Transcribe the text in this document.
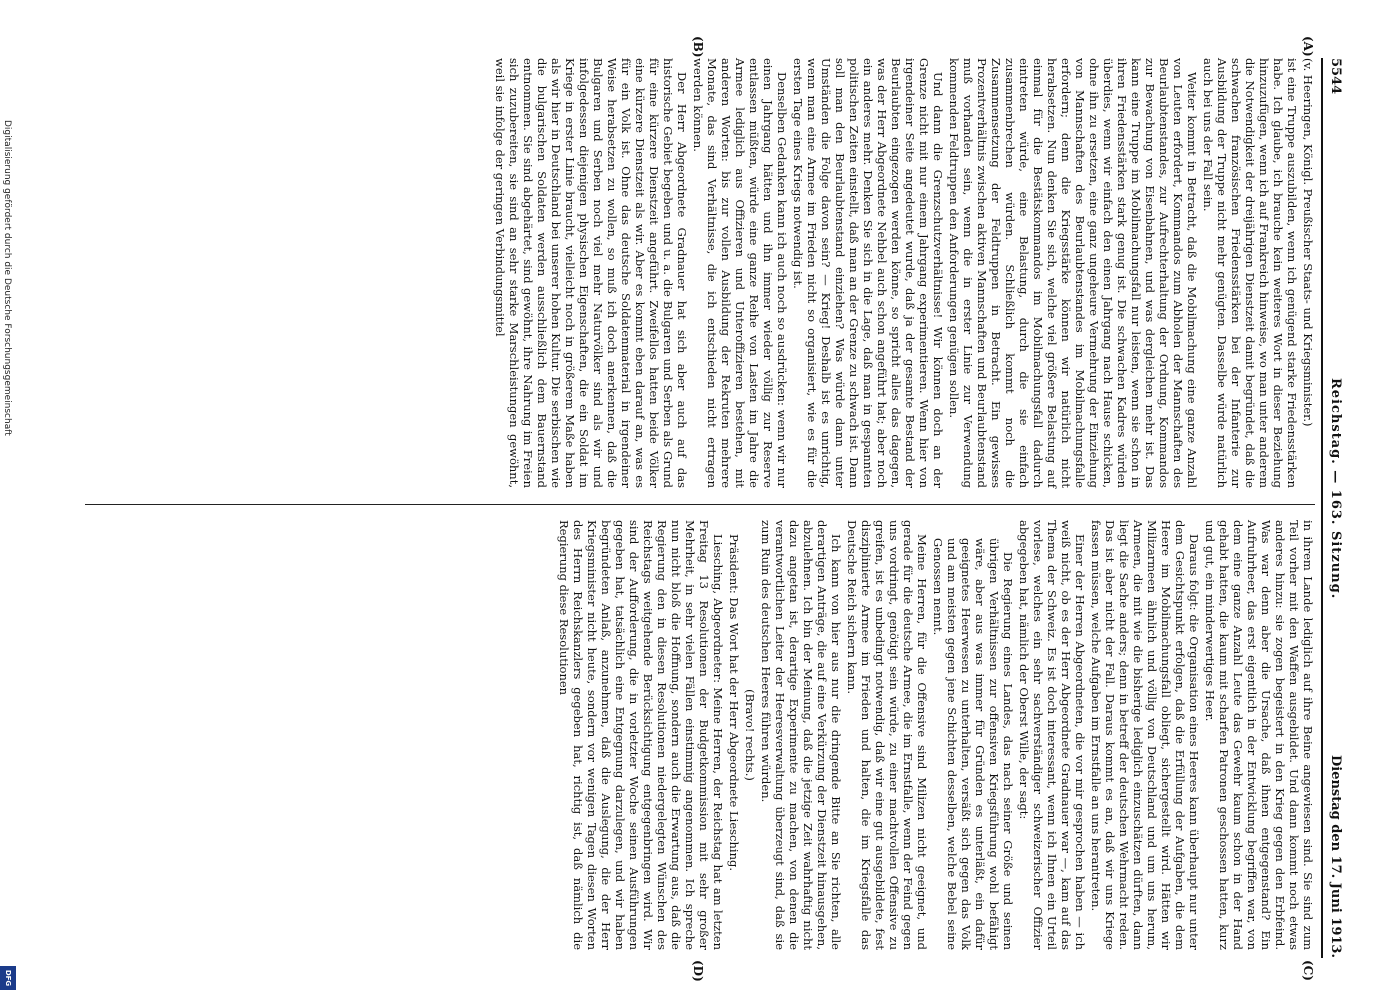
Digitalisierung gefördert durch die Deutsche Forschungsgemeinschaft
DFG
5544
Reichstag. — 163. Sitzung.
Dienstag den 17. Juni 1913.
(A)
(B)
(C)
(D)

(v. Heeringen, Königl. Preußischer Staats- und Kriegsminister.)

ist eine Truppe auszubilden, wenn ich genügend starke Friedensstärken habe. Ich glaube, ich brauche kein weiteres Wort in dieser Beziehung hinzuzufügen, wenn ich auf Frankreich hinweise, wo man unter anderem die Notwendigkeit der dreijährigen Dienstzeit damit begründet, daß die schwachen französischen Friedensstärken bei der Infanterie zur Ausbildung der Truppe nicht mehr genügten. Dasselbe würde natürlich auch bei uns der Fall sein.

Weiter kommt in Betracht, daß die Mobilmachung eine ganze Anzahl von Leuten erfordert, Kommandos zum Abholen der Mannschaften des Beurlaubtenstandes, zur Aufrechterhaltung der Ordnung, Kommandos zur Bewachung von Eisenbahnen, und was dergleichen mehr ist. Das kann eine Truppe im Mobilmachungsfall nur leisten, wenn sie schon in ihren Friedensstärken stark genug ist. Die schwachen Kadres würden überdies, wenn wir einfach den einen Jahrgang nach Hause schicken, ohne ihn zu ersetzen, eine ganz ungeheure Vermehrung der Einziehung von Mannschaften des Beurlaubtenstandes im Mobilmachungsfalle erfordern; denn die Kriegsstärke können wir natürlich nicht herabsetzen. Nun denken Sie sich, welche viel größere Belastung auf einmal für die Bestätskommandos im Mobilmachungsfall dadurch eintreten würde, eine Belastung, durch die sie einfach zusammenbrechen würden. Schließlich kommt noch die Zusammensetzung der Feldtruppen in Betracht. Ein gewisses Prozentverhältnis zwischen aktiven Mannschaften und Beurlaubtenstand muß vorhanden sein, wenn die in erster Linie zur Verwendung kommenden Feldtruppen den Anforderungen genügen sollen.

Und dann die Grenzschutzverhältnisse! Wir können doch an der Grenze nicht mit nur einem Jahrgang experimentieren. Wenn hier von irgendeiner Seite angedeutet wurde, daß ja der gesamte Bestand der Beurlaubten eingezogen werden könne, so spricht alles das dagegen, was der Herr Abgeordnete Nehbel auch schon angeführt hat; aber noch ein anderes mehr. Denken Sie sich in die Lage, daß man in gespannten politischen Zeiten einstellt, daß man an der Grenze zu schwach ist. Dann soll man den Beurlaubtenstand einziehen? Was würde dann unter Umständen die Folge davon sein? — Krieg! Deshalb ist es unrichtig, wenn man eine Armee im Frieden nicht so organisiert, wie es für die ersten Tage eines Kriegs notwendig ist.

Denselben Gedanken kann ich auch noch so ausdrücken: wenn wir nur einen Jahrgang hätten und ihn immer wieder völlig zur Reserve entlassen müßten, würde eine ganze Reihe von Lasten im Jahre die Armee lediglich aus Offizieren und Unteroffizieren bestehen, mit anderen Worten: bis zur vollen Ausbildung der Rekruten mehrere Monate, das sind Verhältnisse, die ich entschieden nicht ertragen werden können.

Der Herr Abgeordnete Gradnauer hat sich aber auch auf das historische Gebiet begeben und u. a. die Bulgaren und Serben als Grund für eine kürzere Dienstzeit angeführt. Zweifellos hatten beide Völker eine kürzere Dienstzeit als wir. Aber es kommt eben darauf an, was es für ein Volk ist. Ohne das deutsche Soldatenmaterial in irgendeiner Weise herabsetzen zu wollen, so muß ich doch anerkennen, daß die Bulgaren und Serben noch viel mehr Naturvölker sind als wir und infolgedessen diejenigen physischen Eigenschaften, die ein Soldat im Kriege in erster Linie braucht, vielleicht noch in größerem Maße haben als wir hier in Deutschland bei unserer hohen Kultur. Die serbischen wie die bulgarischen Soldaten werden ausschließlich dem Bauernstand entnommen. Sie sind abgehärtet, sind gewöhnt, ihre Nahrung im Freien sich zuzubereiten, sie sind an sehr starke Marschleistungen gewöhnt, weil sie infolge der geringen Verbindungsmittel

in ihrem Lande lediglich auf ihre Beine angewiesen sind. Sie sind zum Teil vorher mit den Waffen ausgebildet. Und dann kommt noch etwas anderes hinzu: sie zogen begeistert in den Krieg gegen den Erbfeind. Was war denn aber die Ursache, daß ihnen entgegenstand? Ein Aufruhrheer, das erst eigentlich in der Entwicklung begriffen war, von dem eine ganze Anzahl Leute das Gewehr kaum schon in der Hand gehabt hatten, die kaum mit scharfen Patronen geschossen hatten, kurz und gut, ein minderwertiges Heer.

Daraus folgt: die Organisation eines Heeres kann überhaupt nur unter dem Gesichtspunkt erfolgen, daß die Erfüllung der Aufgaben, die dem Heere im Mobilmachungsfall obliegt, sichergestellt wird. Hätten wir Milizarmeen ähnlich und völlig von Deutschland und um uns herum, Armeen, die mit wie die bisherige lediglich einzuschätzen dürften, dann liegt die Sache anders; denn in betreff der deutschen Wehrmacht reden. Das ist aber nicht der Fall. Daraus kommt es an, daß wir uns Kriege fassen müssen, welche Aufgaben im Ernstfalle an uns herantreten.

Einer der Herren Abgeordneten, die vor mir gesprochen haben — ich weiß nicht, ob es der Herr Abgeordnete Gradnauer war —, kam auf das Thema der Schweiz. Es ist doch interessant, wenn ich Ihnen ein Urteil vorlese, welches ein sehr sachverständiger schweizerischer Offizier abgegeben hat, nämlich der Oberst Wille, der sagt:

Die Regierung eines Landes, das nach seiner Größe und seinen übrigen Verhältnissen zur offensiven Kriegsführung wohl befähigt wäre, aber aus was immer für Gründen es unterläßt, ein dafür geeignetes Heerwesen zu unterhalten, versäßt sich gegen das Volk und am meisten gegen jene Schichten desselben, welche Bebel seine Genossen nennt.

Meine Herren, für die Offensive sind Milizen nicht geeignet, und gerade für die deutsche Armee, die im Ernstfalle, wenn der Feind gegen uns vordringt, genötigt sein würde, zu einer machtvollen Offensive zu greifen, ist es unbedingt notwendig, daß wir eine gut ausgebildete, fest disziplinierte Armee im Frieden und halten, die im Kriegsfalle das Deutsche Reich sichern kann.

Ich kann von hier aus nur die dringende Bitte an Sie richten, alle derartigen Anträge, die auf eine Verkürzung der Dienstzeit hinausgehen, abzulehnen. Ich bin der Meinung, daß die jetzige Zeit wahrhaftig nicht dazu angetan ist, derartige Experimente zu machen, von denen die verantwortlichen Leiter der Heeresverwaltung überzeugt sind, daß sie zum Ruin des deutschen Heeres führen würden.

(Bravo! rechts.)

Präsident: Das Wort hat der Herr Abgeordnete Liesching.

Liesching, Abgeordneter: Meine Herren, der Reichstag hat am letzten Freitag 13 Resolutionen der Budgetkommission mit sehr großer Mehrheit, in sehr vielen Fällen einstimmig angenommen. Ich spreche nun nicht bloß die Hoffnung, sondern auch die Erwartung aus, daß die Regierung den in diesen Resolutionen niedergelegten Wünschen des Reichstags weitgehende Berücksichtigung entgegenbringen wird. Wir sind der Aufforderung, die in vorletzter Woche seinen Ausführungen gegeben hat, tatsächlich eine Entgegnung darzulegen, und wir haben begründeten Anlaß, anzunehmen, daß die Auslegung, die der Herr Kriegsminister nicht heute, sondern vor wenigen Tagen diesen Worten des Herrn Reichskanzlers gegeben hat, richtig ist, daß nämlich die Regierung diese Resolutionen
